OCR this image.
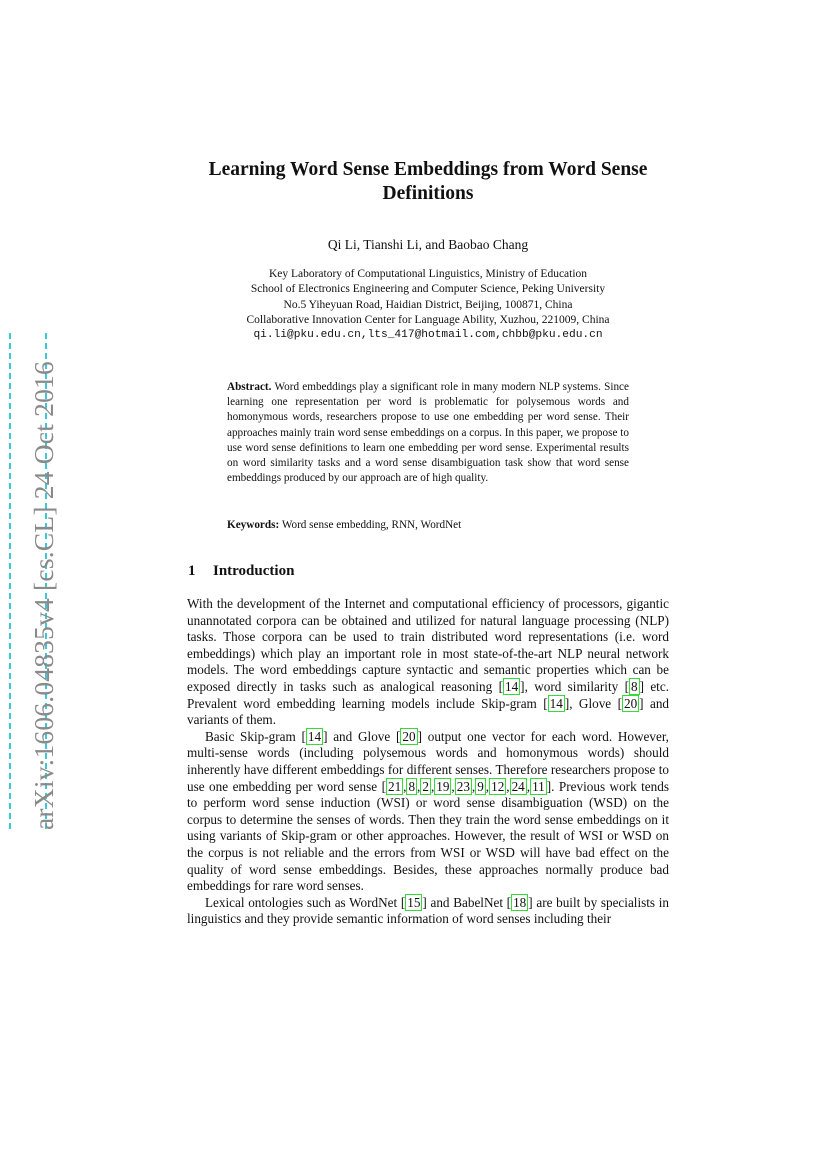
arXiv:1606.04835v4 [cs.CL] 24 Oct 2016
Learning Word Sense Embeddings from Word Sense
Definitions
Qi Li, Tianshi Li, and Baobao Chang
Key Laboratory of Computational Linguistics, Ministry of Education
School of Electronics Engineering and Computer Science, Peking University
No.5 Yiheyuan Road, Haidian District, Beijing, 100871, China
Collaborative Innovation Center for Language Ability, Xuzhou, 221009, China
qi.li@pku.edu.cn,lts_417@hotmail.com,chbb@pku.edu.cn
Abstract. Word embeddings play a significant role in many modern NLP systems. Since learning one representation per word is problematic for polysemous words and homonymous words, researchers propose to use one embedding per word sense. Their approaches mainly train word sense embeddings on a corpus. In this paper, we propose to use word sense definitions to learn one embedding per word sense. Experimental results on word similarity tasks and a word sense disambiguation task show that word sense embeddings produced by our approach are of high quality.
Keywords: Word sense embedding, RNN, WordNet
1 Introduction

With the development of the Internet and computational efficiency of processors, gigantic unannotated corpora can be obtained and utilized for natural language processing (NLP) tasks. Those corpora can be used to train distributed word representations (i.e. word embeddings) which play an important role in most state-of-the-art NLP neural network models. The word embeddings capture syntactic and semantic properties which can be exposed directly in tasks such as analogical reasoning [ 14 ], word similarity [ 8 ] etc. Prevalent word embedding learning models include Skip-gram [ 14 ], Glove [ 20 ] and variants of them.

Basic Skip-gram [ 14 ] and Glove [ 20 ] output one vector for each word. However, multi-sense words (including polysemous words and homonymous words) should inherently have different embeddings for different senses. Therefore researchers propose to use one embedding per word sense [ 21 , 8 , 2 , 19 , 23 , 9 , 12 , 24 , 11 ]. Previous work tends to perform word sense induction (WSI) or word sense disambiguation (WSD) on the corpus to determine the senses of words. Then they train the word sense embeddings on it using variants of Skip-gram or other approaches. However, the result of WSI or WSD on the corpus is not reliable and the errors from WSI or WSD will have bad effect on the quality of word sense embeddings. Besides, these approaches normally produce bad embeddings for rare word senses.

Lexical ontologies such as WordNet [ 15 ] and BabelNet [ 18 ] are built by specialists in linguistics and they provide semantic information of word senses including their
